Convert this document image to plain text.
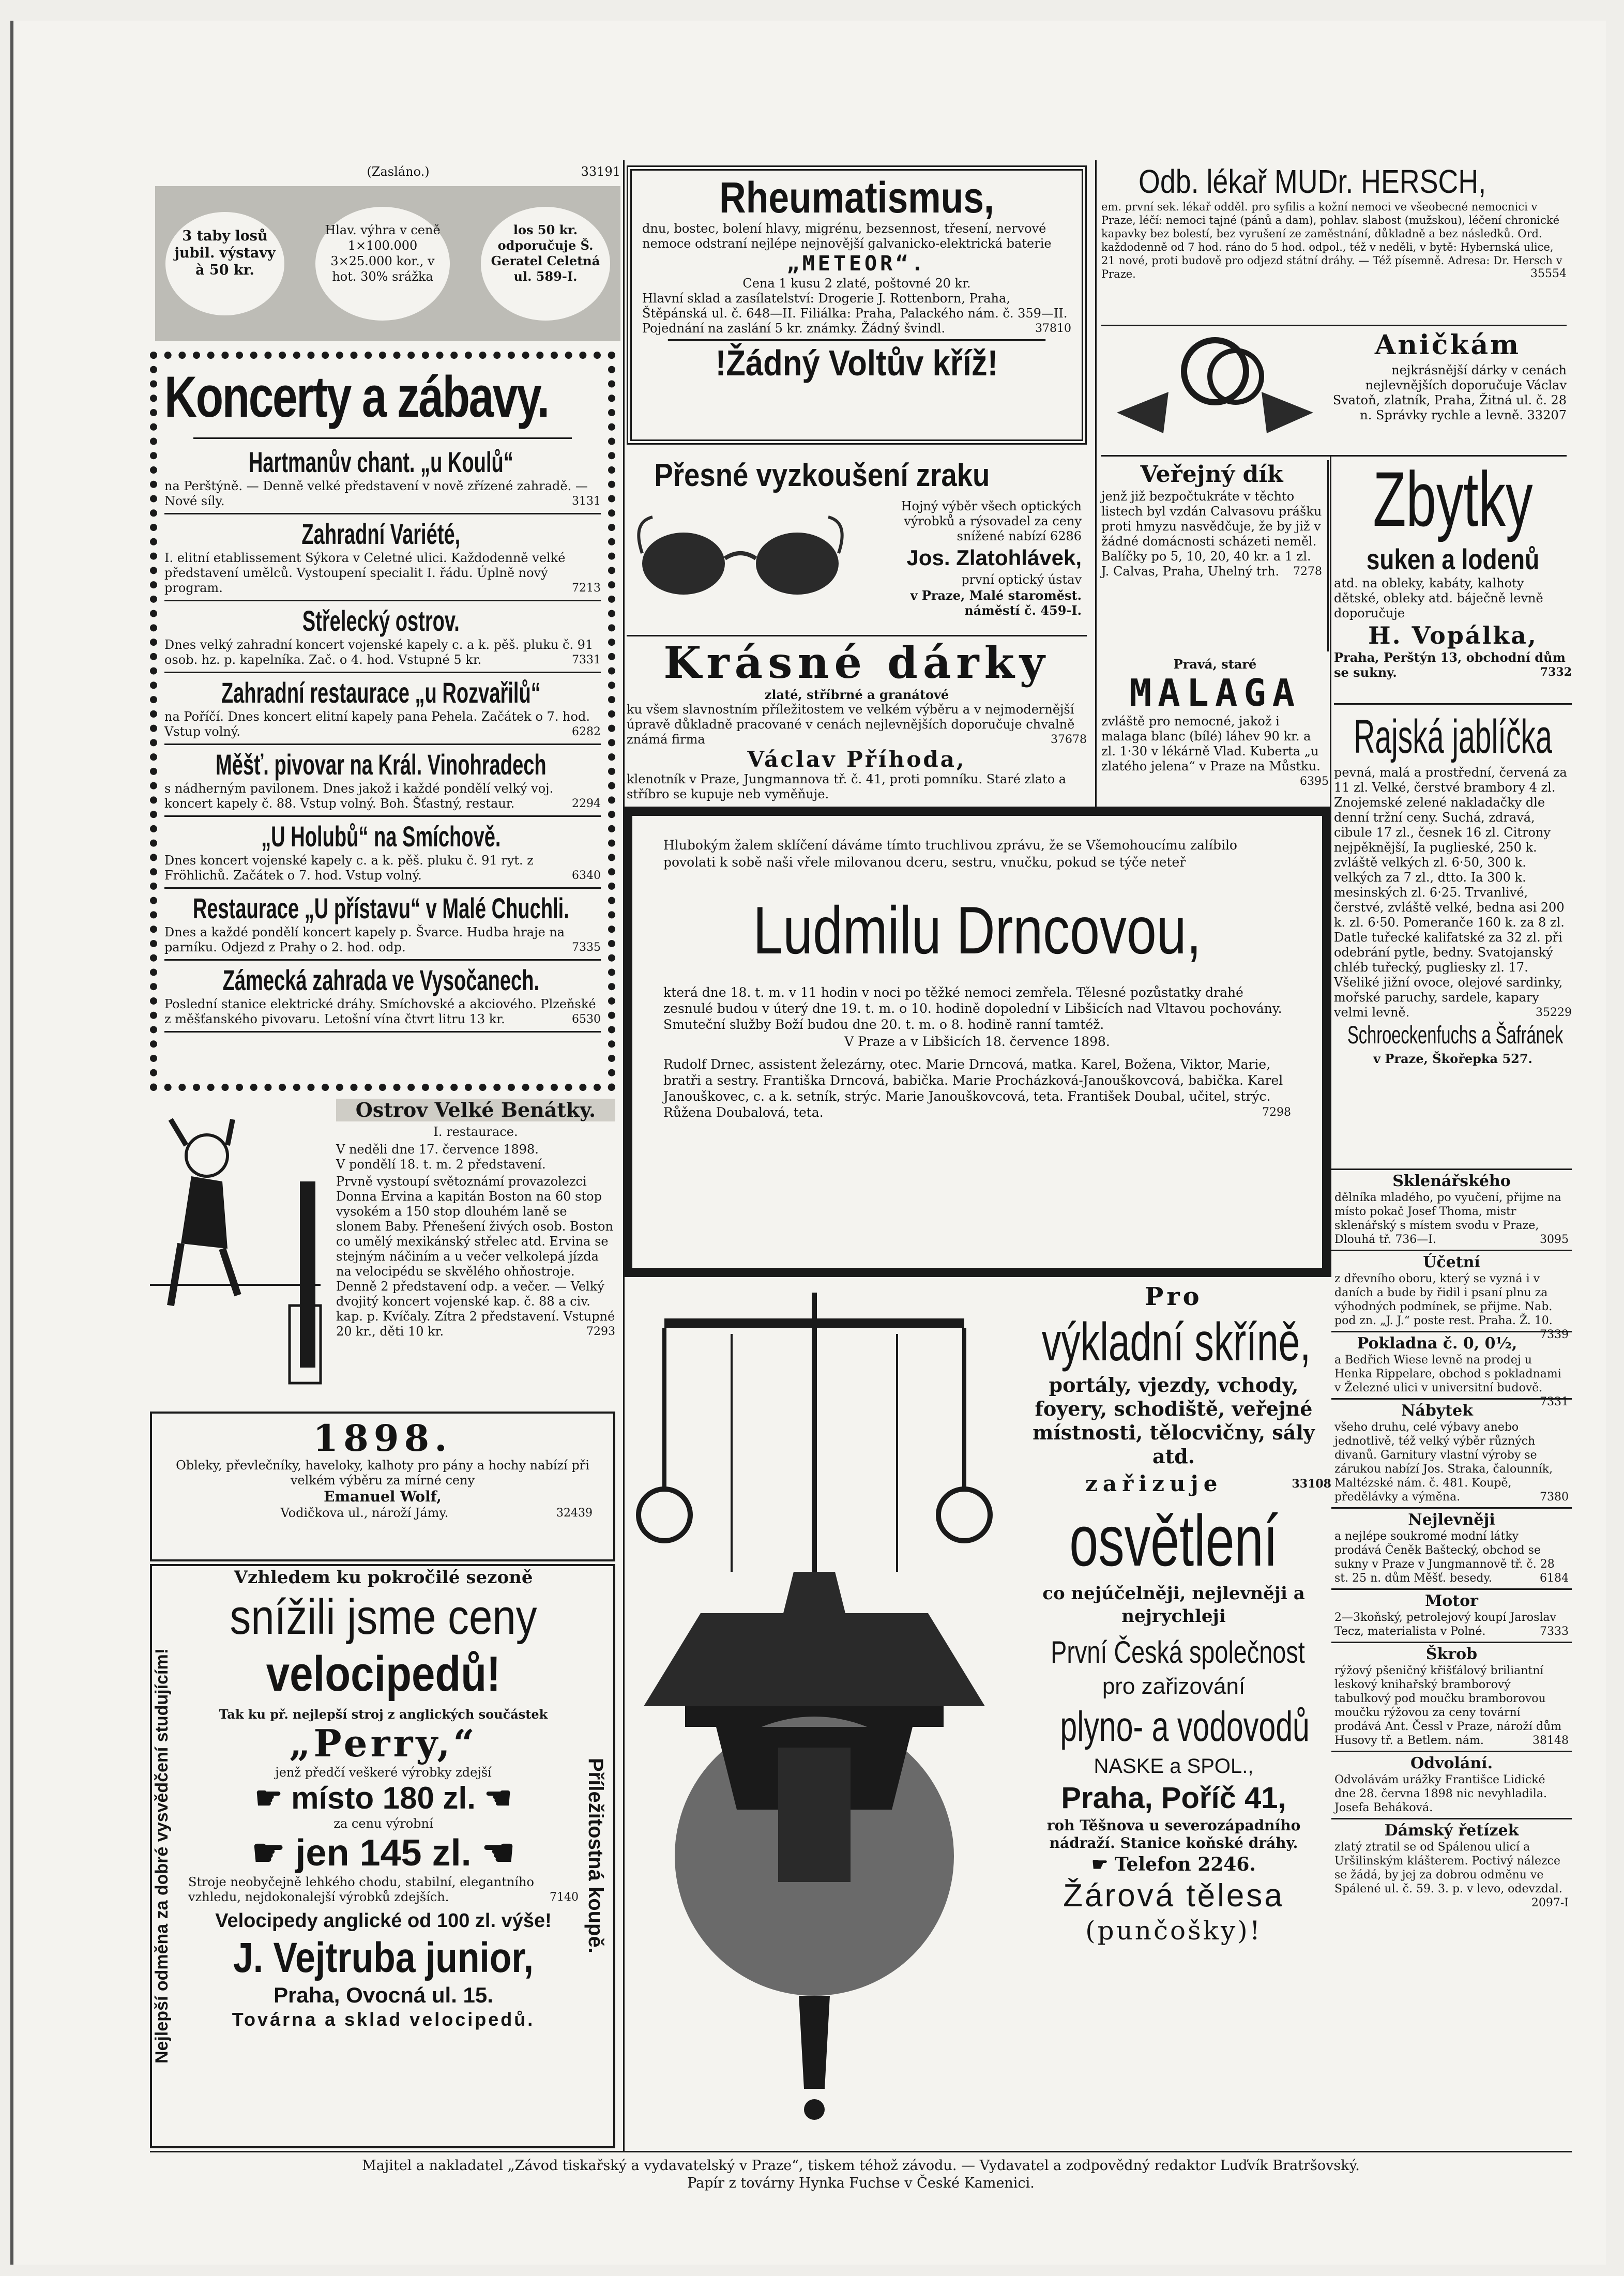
(Zasláno.)	33191
3 taby losů jubil. výstavy à 50 kr.
Hlav. výhra v ceně 1×100.000 3×25.000 kor., v hot. 30% srážka
los 50 kr. odporučuje Š. Geratel Celetná ul. 589-I.
Koncerty a zábavy.
Hartmanův chant. „u Koulů“
na Perštýně. — Denně velké představení v nově zřízené zahradě. — Nové síly.	3131
Zahradní Variété,
I. elitní etablissement Sýkora v Celetné ulici. Každodenně velké představení umělců. Vystoupení specialit I. řádu. Úplně nový program.	7213
Střelecký ostrov.
Dnes velký zahradní koncert vojenské kapely c. a k. pěš. pluku č. 91 osob. hz. p. kapelníka. Zač. o 4. hod. Vstupné 5 kr.	7331
Zahradní restaurace „u Rozvařilů“
na Poříčí. Dnes koncert elitní kapely pana Pehela. Začátek o 7. hod. Vstup volný.	6282
Měšť. pivovar na Král. Vinohradech
s nádherným pavilonem. Dnes jakož i každé pondělí velký voj. koncert kapely č. 88. Vstup volný. Boh. Šťastný, restaur.	2294
„U Holubů“ na Smíchově.
Dnes koncert vojenské kapely c. a k. pěš. pluku č. 91 ryt. z Fröhlichů. Začátek o 7. hod. Vstup volný.	6340
Restaurace „U přístavu“ v Malé Chuchli.
Dnes a každé pondělí koncert kapely p. Švarce. Hudba hraje na parníku. Odjezd z Prahy o 2. hod. odp.	7335
Zámecká zahrada ve Vysočanech.
Poslední stanice elektrické dráhy. Smíchovské a akciového. Plzeňské z měšťanského pivovaru. Letošní vína čtvrt litru 13 kr.	6530
Ostrov Velké Benátky.
I. restaurace.
V neděli dne 17. července 1898.
V pondělí 18. t. m. 2 představení.
Prvně vystoupí světoznámí provazolezci Donna Ervina a kapitán Boston na 60 stop vysokém a 150 stop dlouhém laně se slonem Baby. Přenešení živých osob. Boston co umělý mexikánský střelec atd. Ervina se stejným náčiním a u večer velkolepá jízda na velocipédu se skvělého ohňostroje. Denně 2 představení odp. a večer. — Velký dvojitý koncert vojenské kap. č. 88 a civ. kap. p. Kvíčaly. Zítra 2 představení. Vstupné 20 kr., děti 10 kr.	7293
1898.
Obleky, převlečníky, haveloky, kalhoty pro pány a hochy nabízí při velkém výběru za mírné ceny
Emanuel Wolf,
Vodičkova ul., nároží Jámy.	32439
Nejlepší odměna za dobré vysvědčení studujícím!	Příležitostná koupě.
Vzhledem ku pokročilé sezoně
snížili jsme ceny
velocipedů!
Tak ku př. nejlepší stroj z anglických součástek
„Perry,“
jenž předčí veškeré výrobky zdejší
☛ místo 180 zl. ☚
za cenu výrobní
☛ jen 145 zl. ☚
Stroje neobyčejně lehkého chodu, stabilní, elegantního vzhledu, nejdokonalejší výrobků zdejších.	7140
Velocipedy anglické od 100 zl. výše!
J. Vejtruba junior,
Praha, Ovocná ul. 15.
Továrna a sklad velocipedů.
Rheumatismus,
dnu, bostec, bolení hlavy, migrénu, bezsennost, třesení, nervové nemoce odstraní nejlépe nejnovější galvanicko-elektrická baterie
„METEOR“.
Cena 1 kusu 2 zlaté, poštovné 20 kr.
Hlavní sklad a zasílatelství: Drogerie J. Rottenborn, Praha, Štěpánská ul. č. 648—II. Filiálka: Praha, Palackého nám. č. 359—II. Pojednání na zaslání 5 kr. známky. Žádný švindl.	37810
!Žádný Voltův kříž!
Přesné vyzkoušení zraku
Hojný výběr všech optických výrobků a rýsovadel za ceny snížené nabízí 6286
Jos. Zlatohlávek,
první optický ústav
v Praze, Malé staroměst. náměstí č. 459-I.
Krásné dárky
zlaté, stříbrné a granátové
ku všem slavnostním příležitostem ve velkém výběru a v nejmodernější úpravě důkladně pracované v cenách nejlevnějších doporučuje chvalně známá firma	37678
Václav Příhoda,
klenotník v Praze, Jungmannova tř. č. 41, proti pomníku. Staré zlato a stříbro se kupuje neb vyměňuje.
Hlubokým žalem sklíčení dáváme tímto truchlivou zprávu, že se Všemohoucímu zalíbilo povolati k sobě naši vřele milovanou dceru, sestru, vnučku, pokud se týče neteř
Ludmilu Drncovou,
která dne 18. t. m. v 11 hodin v noci po těžké nemoci zemřela. Tělesné pozůstatky drahé zesnulé budou v úterý dne 19. t. m. o 10. hodině dopolední v Libšicích nad Vltavou pochovány. Smuteční služby Boží budou dne 20. t. m. o 8. hodině ranní tamtéž.
V Praze a v Libšicích 18. července 1898.
Rudolf Drnec, assistent železárny, otec. Marie Drncová, matka. Karel, Božena, Viktor, Marie, bratři a sestry. Františka Drncová, babička. Marie Procházková-Janouškovcová, babička. Karel Janouškovec, c. a k. setník, strýc. Marie Janouškovcová, teta. František Doubal, učitel, strýc. Růžena Doubalová, teta.	7298
Pro
výkladní skříně,
portály, vjezdy, vchody, foyery, schodiště, veřejné místnosti, tělocvičny, sály atd.
zařizuje	33108
osvětlení
co nejúčelněji, nejlevněji a nejrychleji
První Česká společnost
pro zařizování
plyno- a vodovodů
NASKE a SPOL.,
Praha, Poříč 41,
roh Těšnova u severozápadního nádraží. Stanice koňské dráhy.
☛ Telefon 2246.
Žárová tělesa
(punčošky)!
Odb. lékař MUDr. HERSCH,
em. první sek. lékař odděl. pro syfilis a kožní nemoci ve všeobecné nemocnici v Praze, léčí: nemoci tajné (pánů a dam), pohlav. slabost (mužskou), léčení chronické kapavky bez bolestí, bez vyrušení ze zaměstnání, důkladně a bez následků. Ord. každodenně od 7 hod. ráno do 5 hod. odpol., též v neděli, v bytě: Hybernská ulice, 21 nové, proti budově pro odjezd státní dráhy. — Též písemně. Adresa: Dr. Hersch v Praze.	35554
Aničkám
nejkrásnější dárky v cenách nejlevnějších doporučuje Václav Svatoň, zlatník, Praha, Žitná ul. č. 28 n. Správky rychle a levně. 33207
Veřejný dík
jenž již bezpočtukráte v těchto listech byl vzdán Calvasovu prášku proti hmyzu nasvědčuje, že by již v žádné domácnosti scházeti neměl. Balíčky po 5, 10, 20, 40 kr. a 1 zl. J. Calvas, Praha, Uhelný trh. 7278
Zbytky
suken a lodenů
atd. na obleky, kabáty, kalhoty dětské, obleky atd. báječně levně doporučuje
H. Vopálka,
Praha, Perštýn 13, obchodní dům se sukny.	7332
Pravá, staré
MALAGA
zvláště pro nemocné, jakož i malaga blanc (bílé) láhev 90 kr. a zl. 1·30 v lékárně Vlad. Kuberta „u zlatého jelena“ v Praze na Můstku.
6395
Rajská jablíčka
pevná, malá a prostřední, červená za 11 zl. Velké, čerstvé brambory 4 zl. Znojemské zelené nakladačky dle denní tržní ceny. Suchá, zdravá, cibule 17 zl., česnek 16 zl. Citrony nejpěknější, Ia puglieské, 250 k. zvláště velkých zl. 6·50, 300 k. velkých za 7 zl., dtto. Ia 300 k. mesinských zl. 6·25. Trvanlivé, čerstvé, zvláště velké, bedna asi 200 k. zl. 6·50. Pomeranče 160 k. za 8 zl. Datle tuřecké kalifatské za 32 zl. při odebrání pytle, bedny. Svatojanský chléb tuřecký, pugliesky zl. 17. Všeliké jižní ovoce, olejové sardinky, mořské paruchy, sardele, kapary velmi levně.	35229
Schroeckenfuchs a Šafránek
v Praze, Škořepka 527.
Sklenářského
dělníka mladého, po vyučení, přijme na místo pokač Josef Thoma, mistr sklenářský s místem svodu v Praze, Dlouhá tř. 736—I.	3095
Účetní
z dřevního oboru, který se vyzná i v daních a bude by řidil i psaní plnu za výhodných podmínek, se přijme. Nab. pod zn. „J. J.“ poste rest. Praha. Ž. 10.
7339
Pokladna č. 0, 0½,
a Bedřich Wiese levně na prodej u Henka Rippelare, obchod s pokladnami v Železné ulici v universitní budově.
7331
Nábytek
všeho druhu, celé výbavy anebo jednotlivě, též velký výběr různých divanů. Garnitury vlastní výroby se zárukou nabízí Jos. Straka, čalounník, Maltézské nám. č. 481. Koupě, předělávky a výměna.	7380
Nejlevněji
a nejlépe soukromé modní látky prodává Čeněk Baštecký, obchod se sukny v Praze v Jungmannově tř. č. 28 st. 25 n. dům Měšť. besedy.	6184
Motor
2—3koňský, petrolejový koupí Jaroslav Tecz, materialista v Polné.	7333
Škrob
rýžový pšeničný křišťálový briliantní leskový knihařský bramborový tabulkový pod moučku bramborovou moučku rýžovou za ceny tovární prodává Ant. Čessl v Praze, nároží dům Husovy tř. a Betlem. nám.	38148
Odvolání.
Odvolávám urážky Františce Lidické dne 28. června 1898 nic nevyhladila. Josefa Beháková.
Dámský řetízek
zlatý ztratil se od Spálenou ulicí a Uršilinským klášterem. Poctivý nálezce se žádá, by jej za dobrou odměnu ve Spálené ul. č. 59. 3. p. v levo, odevzdal.
2097-I
Majitel a nakladatel „Závod tiskařský a vydavatelský v Praze“, tiskem téhož závodu. — Vydavatel a zodpovědný redaktor Luďvík Bratršovský.
Papír z továrny Hynka Fuchse v České Kamenici.
